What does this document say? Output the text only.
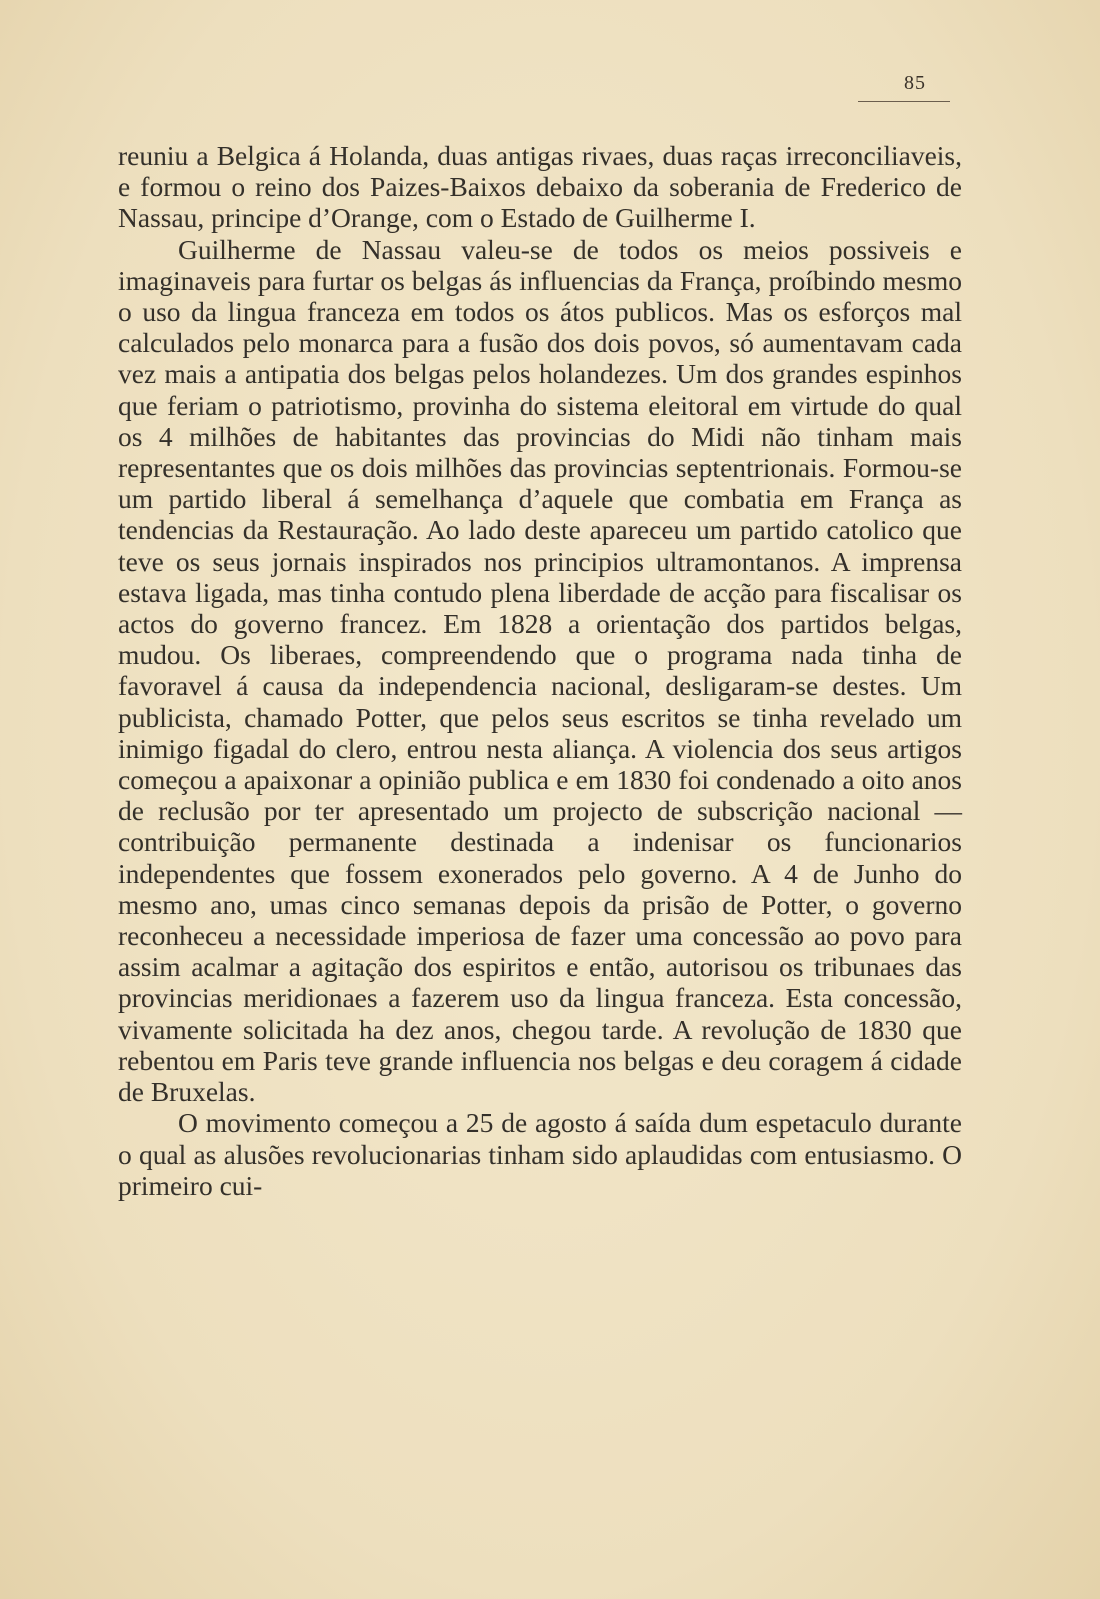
85

reuniu a Belgica á Holanda, duas antigas rivaes, duas raças irreconciliaveis, e formou o reino dos Paizes-Baixos debaixo da soberania de Frederico de Nassau, principe d’Orange, com o Estado de Guilherme I.

Guilherme de Nassau valeu-se de todos os meios possiveis e imaginaveis para furtar os belgas ás influencias da França, proíbindo mesmo o uso da lingua franceza em todos os átos publicos. Mas os esforços mal calculados pelo monarca para a fusão dos dois povos, só aumentavam cada vez mais a antipatia dos belgas pelos holandezes. Um dos grandes espinhos que feriam o patriotismo, provinha do sistema eleitoral em virtude do qual os 4 milhões de habitantes das provincias do Midi não tinham mais representantes que os dois milhões das provincias septentrionais. Formou-se um partido liberal á semelhança d’aquele que combatia em França as tendencias da Restauração. Ao lado deste apareceu um partido catolico que teve os seus jornais inspirados nos principios ultramontanos. A imprensa estava ligada, mas tinha contudo plena liberdade de acção para fiscalisar os actos do governo francez. Em 1828 a orientação dos partidos belgas, mudou. Os liberaes, compreendendo que o programa nada tinha de favoravel á causa da independencia nacional, desligaram-se destes. Um publicista, chamado Potter, que pelos seus escritos se tinha revelado um inimigo figadal do clero, entrou nesta aliança. A violencia dos seus artigos começou a apaixonar a opinião publica e em 1830 foi condenado a oito anos de reclusão por ter apresentado um projecto de subscrição nacional — contribuição permanente destinada a indenisar os funcionarios independentes que fossem exonerados pelo governo. A 4 de Junho do mesmo ano, umas cinco semanas depois da prisão de Potter, o governo reconheceu a necessidade imperiosa de fazer uma concessão ao povo para assim acalmar a agitação dos espiritos e então, autorisou os tribunaes das provincias meridionaes a fazerem uso da lingua franceza. Esta concessão, vivamente solicitada ha dez anos, chegou tarde. A revolução de 1830 que rebentou em Paris teve grande influencia nos belgas e deu coragem á cidade de Bruxelas.

O movimento começou a 25 de agosto á saída dum espetaculo durante o qual as alusões revolucionarias tinham sido aplaudidas com entusiasmo. O primeiro cui-
